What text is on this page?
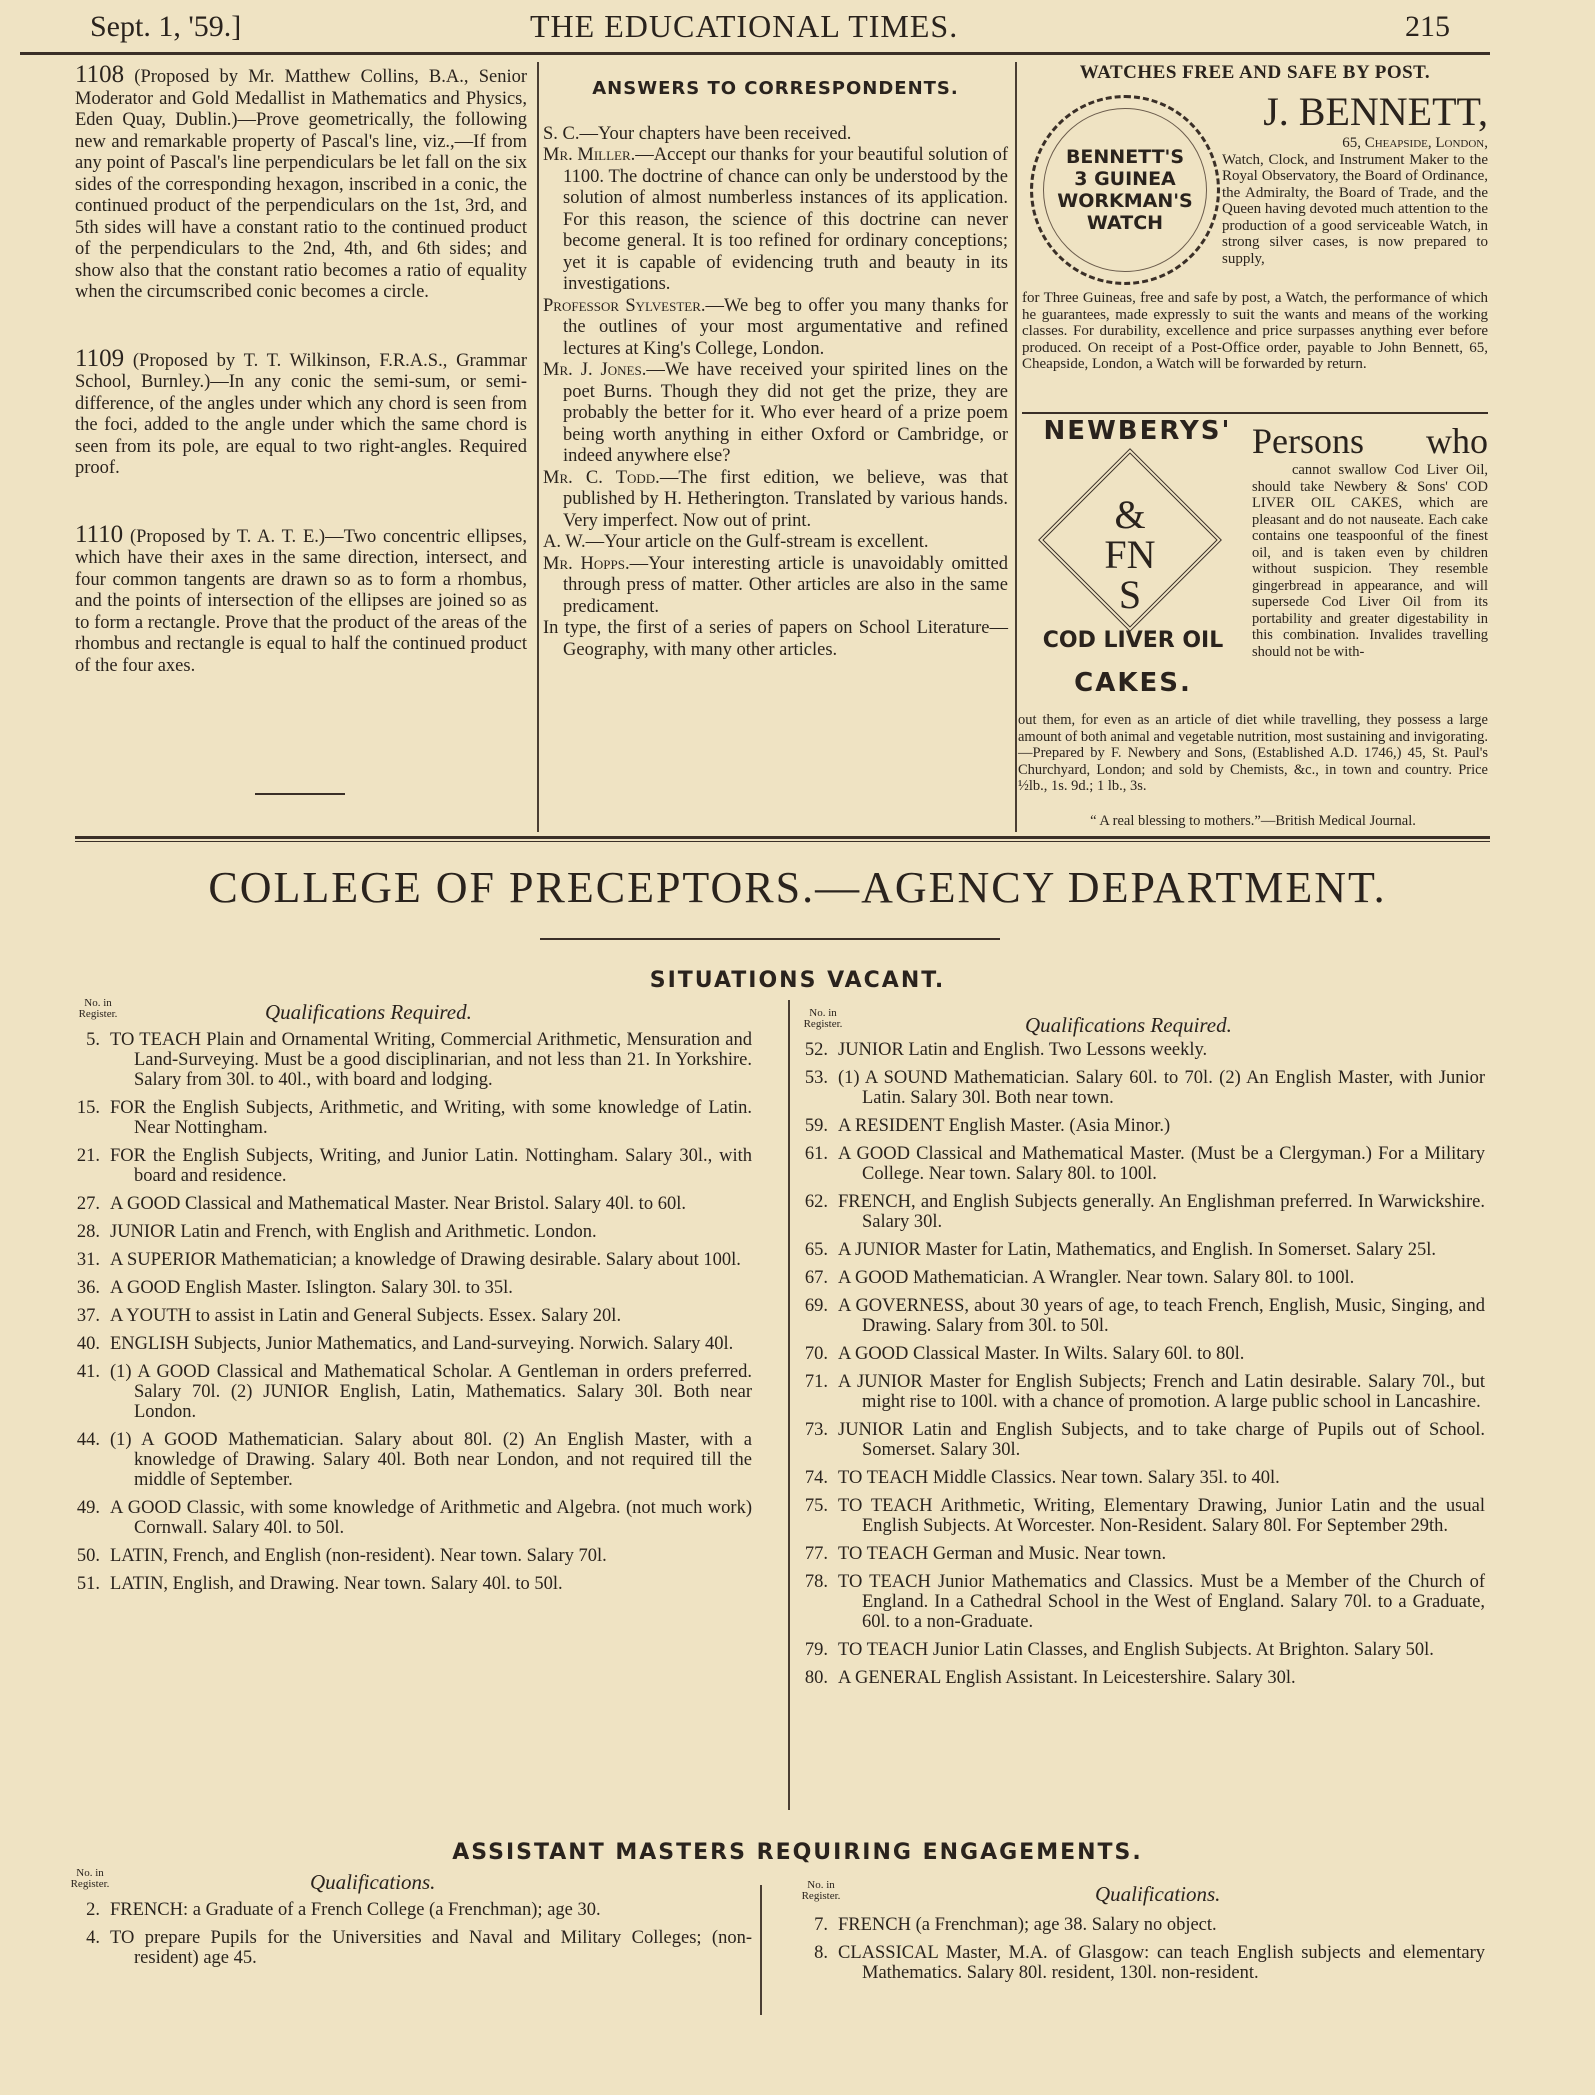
Sept. 1, '59.]	THE EDUCATIONAL TIMES.	215
1108 (Proposed by Mr. Matthew Collins, B.A., Senior Moderator and Gold Medallist in Mathematics and Physics, Eden Quay, Dublin.)—Prove geometrically, the following new and remarkable property of Pascal's line, viz.,—If from any point of Pascal's line perpendiculars be let fall on the six sides of the corresponding hexagon, inscribed in a conic, the continued product of the perpendiculars on the 1st, 3rd, and 5th sides will have a constant ratio to the continued product of the perpendiculars to the 2nd, 4th, and 6th sides; and show also that the constant ratio becomes a ratio of equality when the circumscribed conic becomes a circle.
1109 (Proposed by T. T. Wilkinson, F.R.A.S., Grammar School, Burnley.)—In any conic the semi-sum, or semi-difference, of the angles under which any chord is seen from the foci, added to the angle under which the same chord is seen from its pole, are equal to two right-angles. Required proof.
1110 (Proposed by T. A. T. E.)—Two concentric ellipses, which have their axes in the same direction, intersect, and four common tangents are drawn so as to form a rhombus, and the points of intersection of the ellipses are joined so as to form a rectangle. Prove that the product of the areas of the rhombus and rectangle is equal to half the continued product of the four axes.
ANSWERS TO CORRESPONDENTS.
S. C.—Your chapters have been received.
Mr. Miller.—Accept our thanks for your beautiful solution of 1100. The doctrine of chance can only be understood by the solution of almost numberless instances of its application. For this reason, the science of this doctrine can never become general. It is too refined for ordinary conceptions; yet it is capable of evidencing truth and beauty in its investigations.
Professor Sylvester.—We beg to offer you many thanks for the outlines of your most argumentative and refined lectures at King's College, London.
Mr. J. Jones.—We have received your spirited lines on the poet Burns. Though they did not get the prize, they are probably the better for it. Who ever heard of a prize poem being worth anything in either Oxford or Cambridge, or indeed anywhere else?
Mr. C. Todd.—The first edition, we believe, was that published by H. Hetherington. Translated by various hands. Very imperfect. Now out of print.
A. W.—Your article on the Gulf-stream is excellent.
Mr. Hopps.—Your interesting article is unavoidably omitted through press of matter. Other articles are also in the same predicament.
In type, the first of a series of papers on School Literature—Geography, with many other articles.
WATCHES FREE AND SAFE BY POST.
BENNETT'S
3 GUINEA
WORKMAN'S
WATCH
J. BENNETT,
65, Cheapside, London,
Watch, Clock, and Instrument Maker to the Royal Observatory, the Board of Ordinance, the Admiralty, the Board of Trade, and the Queen having devoted much attention to the production of a good serviceable Watch, in strong silver cases, is now prepared to supply,
for Three Guineas, free and safe by post, a Watch, the performance of which he guarantees, made expressly to suit the wants and means of the working classes. For durability, excellence and price surpasses anything ever before produced. On receipt of a Post-Office order, payable to John Bennett, 65, Cheapside, London, a Watch will be forwarded by return.
NEWBERYS'
&
FN
S
COD LIVER OIL
CAKES.
Persons who
cannot swallow Cod Liver Oil, should take Newbery & Sons' COD LIVER OIL CAKES, which are pleasant and do not nauseate. Each cake contains one teaspoonful of the finest oil, and is taken even by children without suspicion. They resemble gingerbread in appearance, and will supersede Cod Liver Oil from its portability and greater digestability in this combination. Invalides travelling should not be with-
out them, for even as an article of diet while travelling, they possess a large amount of both animal and vegetable nutrition, most sustaining and invigorating.—Prepared by F. Newbery and Sons, (Established A.D. 1746,) 45, St. Paul's Churchyard, London; and sold by Chemists, &c., in town and country. Price ½lb., 1s. 9d.; 1 lb., 3s.
“ A real blessing to mothers.”—British Medical Journal.
COLLEGE OF PRECEPTORS.—AGENCY DEPARTMENT.
SITUATIONS VACANT.
No. in Register.	Qualifications Required.
5. TO TEACH Plain and Ornamental Writing, Commercial Arithmetic, Mensuration and Land-Surveying. Must be a good disciplinarian, and not less than 21. In Yorkshire. Salary from 30l. to 40l., with board and lodging.
15. FOR the English Subjects, Arithmetic, and Writing, with some knowledge of Latin. Near Nottingham.
21. FOR the English Subjects, Writing, and Junior Latin. Nottingham. Salary 30l., with board and residence.
27. A GOOD Classical and Mathematical Master. Near Bristol. Salary 40l. to 60l.
28. JUNIOR Latin and French, with English and Arithmetic. London.
31. A SUPERIOR Mathematician; a knowledge of Drawing desirable. Salary about 100l.
36. A GOOD English Master. Islington. Salary 30l. to 35l.
37. A YOUTH to assist in Latin and General Subjects. Essex. Salary 20l.
40. ENGLISH Subjects, Junior Mathematics, and Land-surveying. Norwich. Salary 40l.
41. (1) A GOOD Classical and Mathematical Scholar. A Gentleman in orders preferred. Salary 70l. (2) JUNIOR English, Latin, Mathematics. Salary 30l. Both near London.
44. (1) A GOOD Mathematician. Salary about 80l. (2) An English Master, with a knowledge of Drawing. Salary 40l. Both near London, and not required till the middle of September.
49. A GOOD Classic, with some knowledge of Arithmetic and Algebra. (not much work) Cornwall. Salary 40l. to 50l.
50. LATIN, French, and English (non-resident). Near town. Salary 70l.
51. LATIN, English, and Drawing. Near town. Salary 40l. to 50l.
No. in Register.	Qualifications Required.
52. JUNIOR Latin and English. Two Lessons weekly.
53. (1) A SOUND Mathematician. Salary 60l. to 70l. (2) An English Master, with Junior Latin. Salary 30l. Both near town.
59. A RESIDENT English Master. (Asia Minor.)
61. A GOOD Classical and Mathematical Master. (Must be a Clergyman.) For a Military College. Near town. Salary 80l. to 100l.
62. FRENCH, and English Subjects generally. An Englishman preferred. In Warwickshire. Salary 30l.
65. A JUNIOR Master for Latin, Mathematics, and English. In Somerset. Salary 25l.
67. A GOOD Mathematician. A Wrangler. Near town. Salary 80l. to 100l.
69. A GOVERNESS, about 30 years of age, to teach French, English, Music, Singing, and Drawing. Salary from 30l. to 50l.
70. A GOOD Classical Master. In Wilts. Salary 60l. to 80l.
71. A JUNIOR Master for English Subjects; French and Latin desirable. Salary 70l., but might rise to 100l. with a chance of promotion. A large public school in Lancashire.
73. JUNIOR Latin and English Subjects, and to take charge of Pupils out of School. Somerset. Salary 30l.
74. TO TEACH Middle Classics. Near town. Salary 35l. to 40l.
75. TO TEACH Arithmetic, Writing, Elementary Drawing, Junior Latin and the usual English Subjects. At Worcester. Non-Resident. Salary 80l. For September 29th.
77. TO TEACH German and Music. Near town.
78. TO TEACH Junior Mathematics and Classics. Must be a Member of the Church of England. In a Cathedral School in the West of England. Salary 70l. to a Graduate, 60l. to a non-Graduate.
79. TO TEACH Junior Latin Classes, and English Subjects. At Brighton. Salary 50l.
80. A GENERAL English Assistant. In Leicestershire. Salary 30l.
ASSISTANT MASTERS REQUIRING ENGAGEMENTS.
No. in Register.	Qualifications.
2. FRENCH: a Graduate of a French College (a Frenchman); age 30.
4. TO prepare Pupils for the Universities and Naval and Military Colleges; (non-resident) age 45.
No. in Register.	Qualifications.
7. FRENCH (a Frenchman); age 38. Salary no object.
8. CLASSICAL Master, M.A. of Glasgow: can teach English subjects and elementary Mathematics. Salary 80l. resident, 130l. non-resident.
